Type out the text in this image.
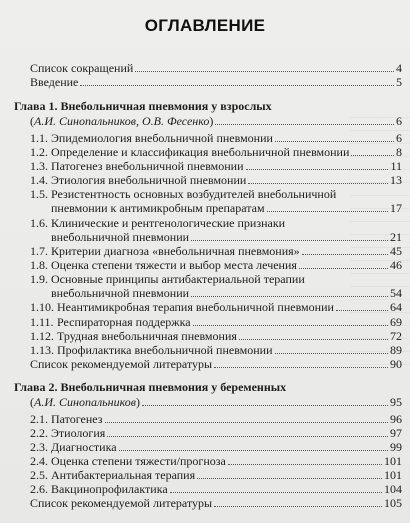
ОГЛАВЛЕНИЕ
Список сокращений	4
Введение	5
Глава 1. Внебольничная пневмония у взрослых
( А.И. Синопальников, О.В. Фесенко )	6
1.1. Эпидемиология внебольничной пневмонии	6
1.2. Определение и классификация внебольничной пневмонии	8
1.3. Патогенез внебольничной пневмонии	11
1.4. Этиология внебольничной пневмонии	13
1.5. Резистентность основных возбудителей внебольничной
пневмонии к антимикробным препаратам	17
1.6. Клинические и рентгенологические признаки
внебольничной пневмонии	21
1.7. Критерии диагноза «внебольничная пневмония»	45
1.8. Оценка степени тяжести и выбор места лечения	46
1.9. Основные принципы антибактериальной терапии
внебольничной пневмонии	54
1.10. Неантимикробная терапия внебольничной пневмонии	64
1.11. Респираторная поддержка	69
1.12. Трудная внебольничная пневмония	72
1.13. Профилактика внебольничной пневмонии	89
Список рекомендуемой литературы	90
Глава 2. Внебольничная пневмония у беременных
( А.И. Синопальников )	95
2.1. Патогенез	96
2.2. Этиология	97
2.3. Диагностика	99
2.4. Оценка степени тяжести/прогноза	101
2.5. Антибактериальная терапия	101
2.6. Вакцинопрофилактика	104
Список рекомендуемой литературы	105
